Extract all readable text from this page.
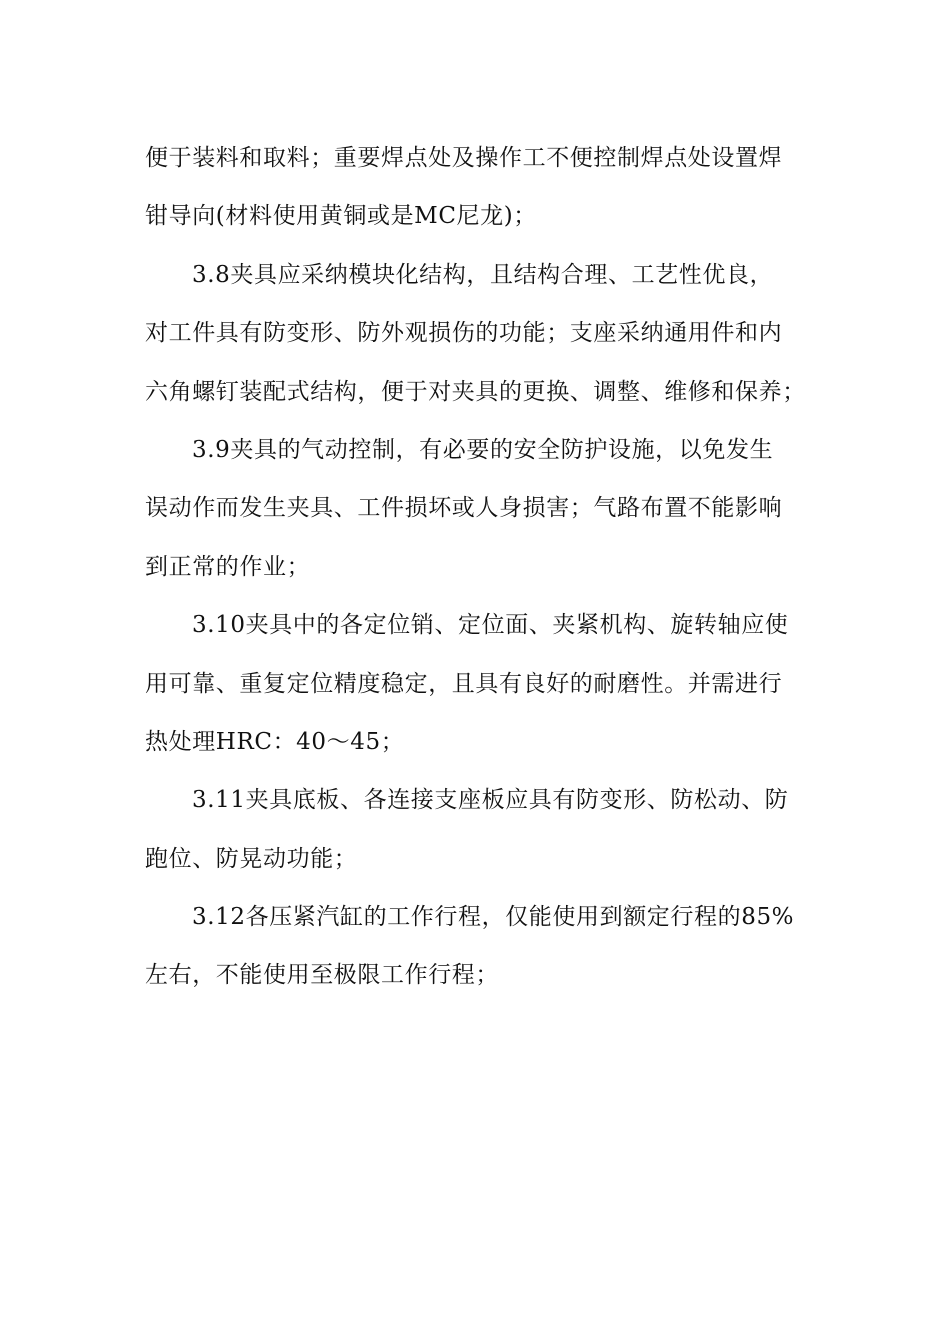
便于装料和取料；重要焊点处及操作工不便控制焊点处设置焊
钳导向(材料使用黄铜或是MC尼龙)；
3.8夹具应采纳模块化结构，且结构合理、工艺性优良，
对工件具有防变形、防外观损伤的功能；支座采纳通用件和内
六角螺钉装配式结构，便于对夹具的更换、调整、维修和保养；
3.9夹具的气动控制，有必要的安全防护设施，以免发生
误动作而发生夹具、工件损坏或人身损害；气路布置不能影响
到正常的作业；
3.10夹具中的各定位销、定位面、夹紧机构、旋转轴应使
用可靠、重复定位精度稳定，且具有良好的耐磨性。并需进行
热处理HRC：40～45；
3.11夹具底板、各连接支座板应具有防变形、防松动、防
跑位、防晃动功能；
3.12各压紧汽缸的工作行程，仅能使用到额定行程的85%
左右，不能使用至极限工作行程；
